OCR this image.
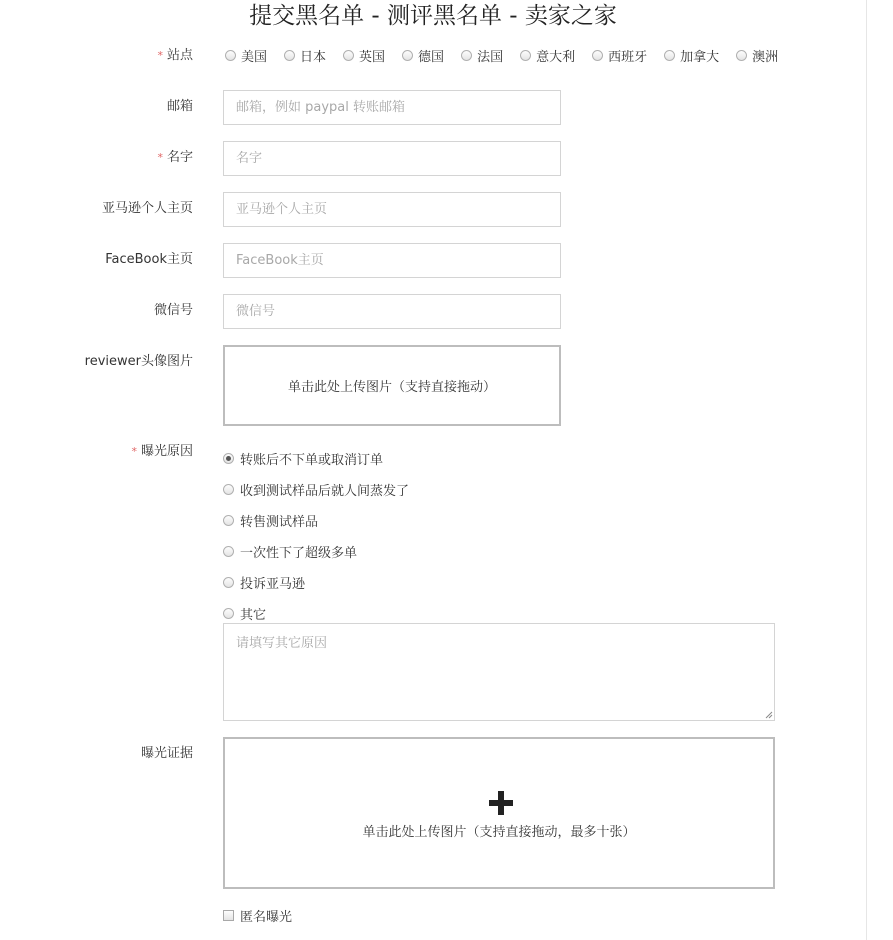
提交黑名单 - 测评黑名单 - 卖家之家
* 站点	美国	日本	英国	德国	法国	意大利	西班牙	加拿大	澳洲
邮箱
邮箱，例如 paypal 转账邮箱
* 名字
名字
亚马逊个人主页
亚马逊个人主页
FaceBook主页
FaceBook主页
微信号
微信号
reviewer头像图片
单击此处上传图片（支持直接拖动）
* 曝光原因
转账后不下单或取消订单
收到测试样品后就人间蒸发了
转售测试样品
一次性下了超级多单
投诉亚马逊
其它
请填写其它原因
曝光证据
单击此处上传图片（支持直接拖动，最多十张）
匿名曝光
